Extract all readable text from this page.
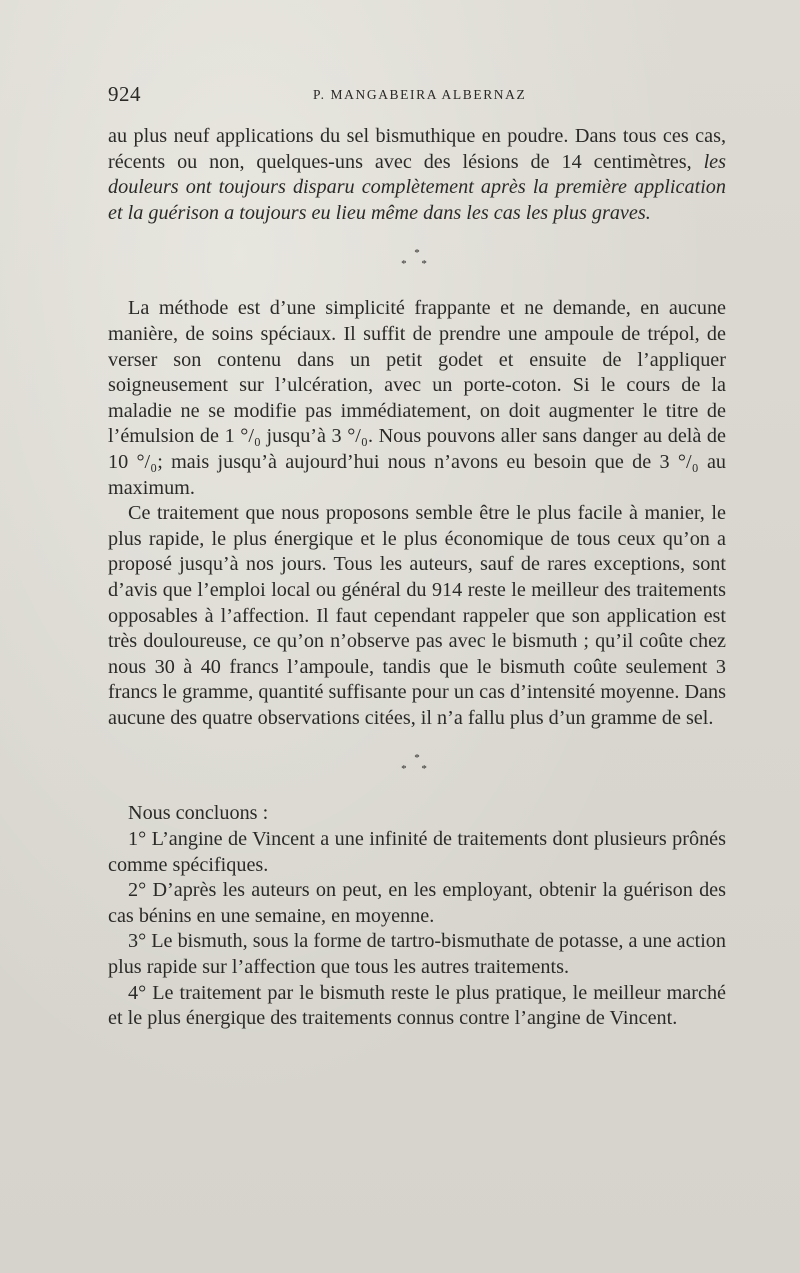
924	P. MANGABEIRA ALBERNAZ

au plus neuf applications du sel bismuthique en poudre. Dans tous ces cas, récents ou non, quelques-uns avec des lésions de 14 centimètres, les douleurs ont toujours disparu complètement après la première application et la guérison a toujours eu lieu même dans les cas les plus graves.

*
* *

La méthode est d’une simplicité frappante et ne demande, en aucune manière, de soins spéciaux. Il suffit de prendre une ampoule de trépol, de verser son contenu dans un petit godet et ensuite de l’appliquer soigneusement sur l’ulcération, avec un porte-coton. Si le cours de la maladie ne se modifie pas immédiatement, on doit augmenter le titre de l’émulsion de 1 °/₀ jusqu’à 3 °/₀. Nous pouvons aller sans danger au delà de 10 °/₀; mais jusqu’à aujourd’hui nous n’avons eu besoin que de 3 °/₀ au maximum.

Ce traitement que nous proposons semble être le plus facile à manier, le plus rapide, le plus énergique et le plus économique de tous ceux qu’on a proposé jusqu’à nos jours. Tous les auteurs, sauf de rares exceptions, sont d’avis que l’emploi local ou général du 914 reste le meilleur des traitements opposables à l’affection. Il faut cependant rappeler que son application est très douloureuse, ce qu’on n’observe pas avec le bismuth ; qu’il coûte chez nous 30 à 40 francs l’ampoule, tandis que le bismuth coûte seulement 3 francs le gramme, quantité suffisante pour un cas d’intensité moyenne. Dans aucune des quatre observations citées, il n’a fallu plus d’un gramme de sel.

*
* *

Nous concluons :

1° L’angine de Vincent a une infinité de traitements dont plusieurs prônés comme spécifiques.

2° D’après les auteurs on peut, en les employant, obtenir la guérison des cas bénins en une semaine, en moyenne.

3° Le bismuth, sous la forme de tartro-bismuthate de potasse, a une action plus rapide sur l’affection que tous les autres traitements.

4° Le traitement par le bismuth reste le plus pratique, le meilleur marché et le plus énergique des traitements connus contre l’angine de Vincent.
